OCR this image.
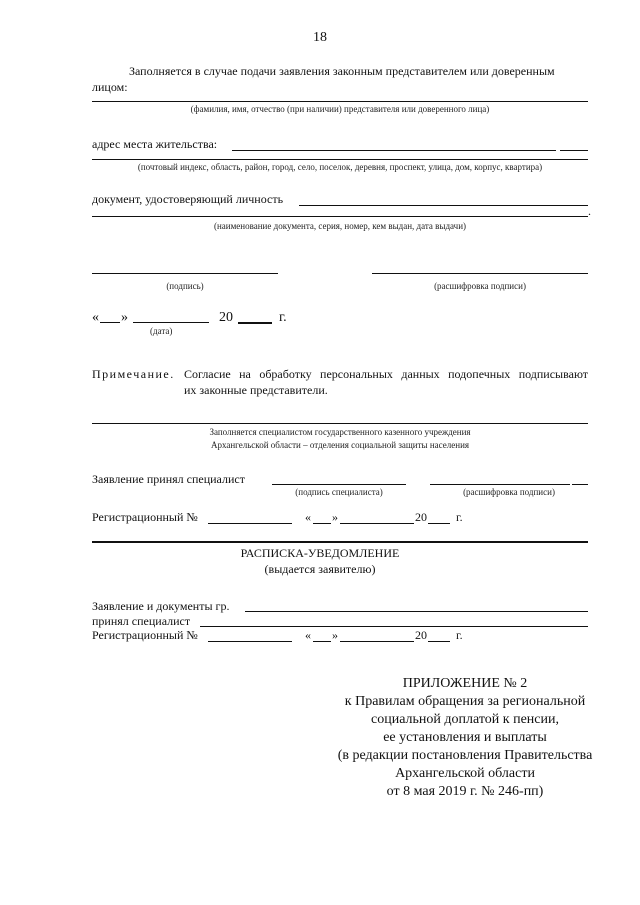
18
Заполняется в случае подачи заявления законным представителем или доверенным
лицом:
(фамилия, имя, отчество (при наличии) представителя или доверенного лица)
адрес места жительства:
(почтовый индекс, область, район, город, село, поселок, деревня, проспект, улица, дом, корпус, квартира)
документ, удостоверяющий личность
.
(наименование документа, серия, номер, кем выдан, дата выдачи)
(подпись)	(расшифровка подписи)
« »	20	г.
(дата)
Примечание. Согласие на обработку персональных данных подопечных подписывают
их законные представители.
Заполняется специалистом государственного казенного учреждения
Архангельской области – отделения социальной защиты населения
Заявление принял специалист
(подпись специалиста)	(расшифровка подписи)
Регистрационный №	« »	20 г.
РАСПИСКА-УВЕДОМЛЕНИЕ
(выдается заявителю)
Заявление и документы гр.
принял специалист
Регистрационный №	« »	20 г.
ПРИЛОЖЕНИЕ № 2
к Правилам обращения за региональной
социальной доплатой к пенсии,
ее установления и выплаты
(в редакции постановления Правительства
Архангельской области
от 8 мая 2019 г. № 246-пп)
